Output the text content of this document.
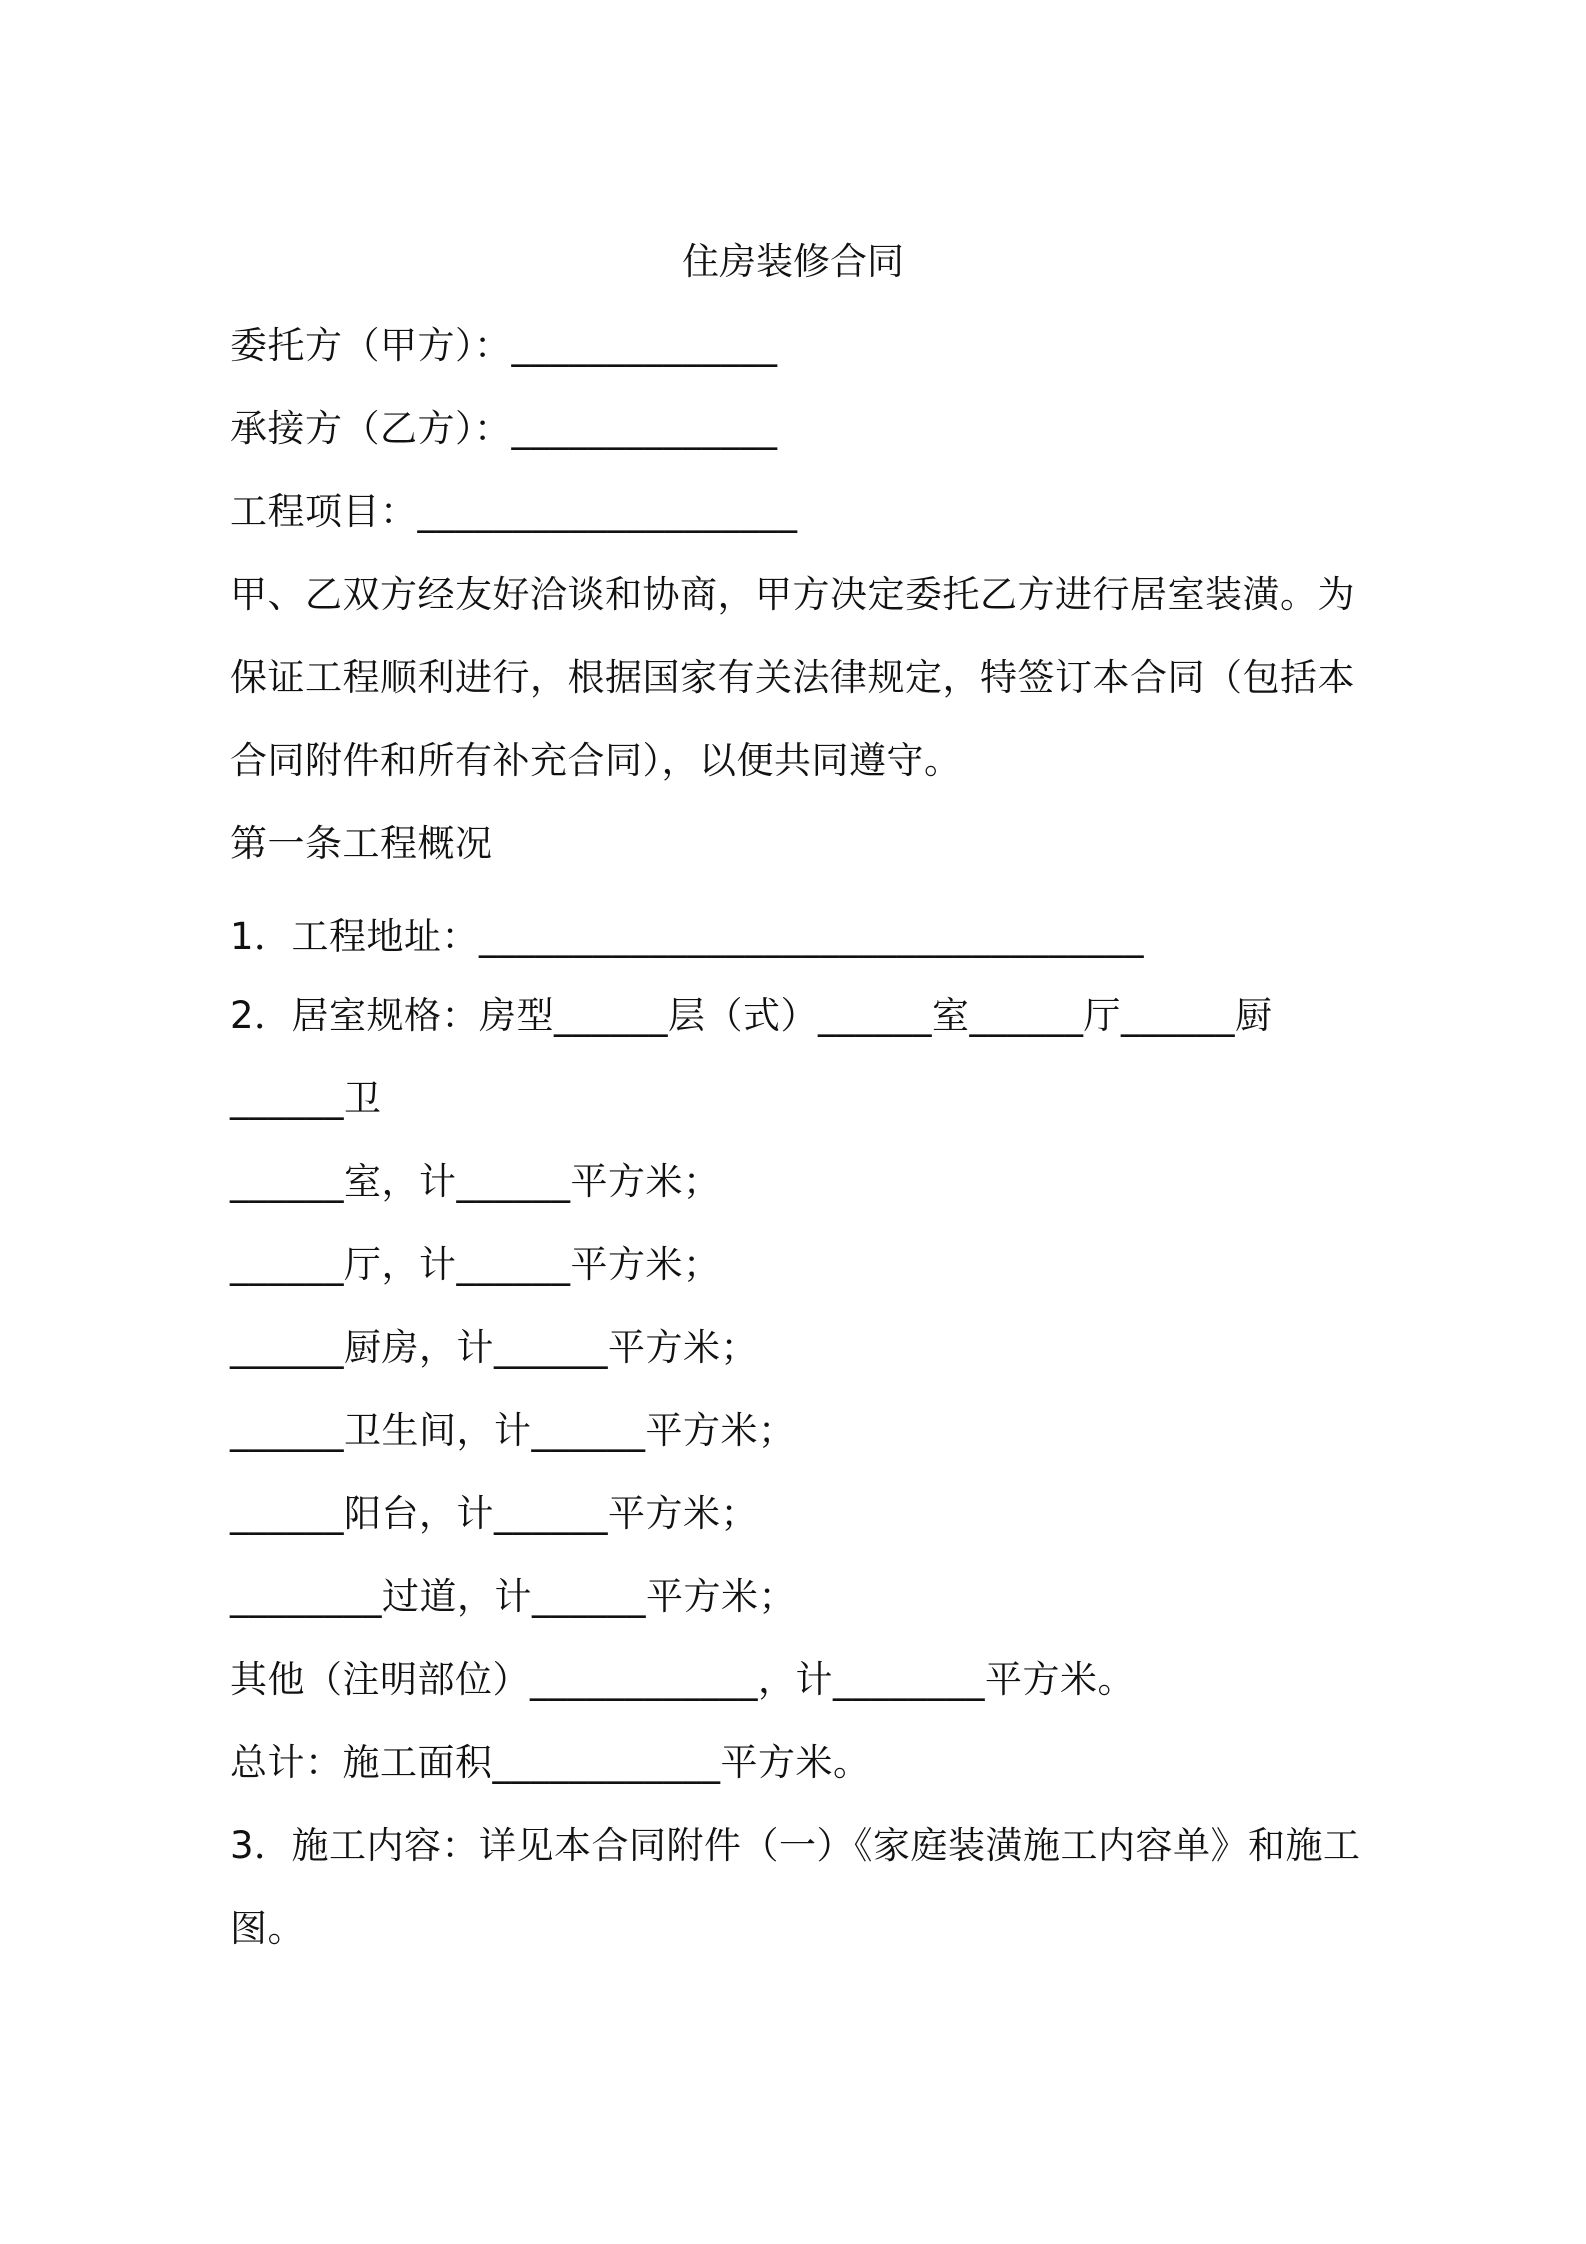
住房装修合同
委托方（甲方）：______________
承接方（乙方）：______________
工程项目：____________________
甲、乙双方经友好洽谈和协商，甲方决定委托乙方进行居室装潢。为
保证工程顺利进行，根据国家有关法律规定，特签订本合同（包括本
合同附件和所有补充合同），以便共同遵守。
第一条工程概况
1．工程地址：___________________________________
2．居室规格：房型______层（式）______室______厅______厨
______卫
______室，计______平方米；
______厅，计______平方米；
______厨房，计______平方米；
______卫生间，计______平方米；
______阳台，计______平方米；
________过道，计______平方米；
其他（注明部位）____________，计________平方米。
总计：施工面积____________平方米。
3．施工内容：详见本合同附件（一）《家庭装潢施工内容单》和施工
图。
